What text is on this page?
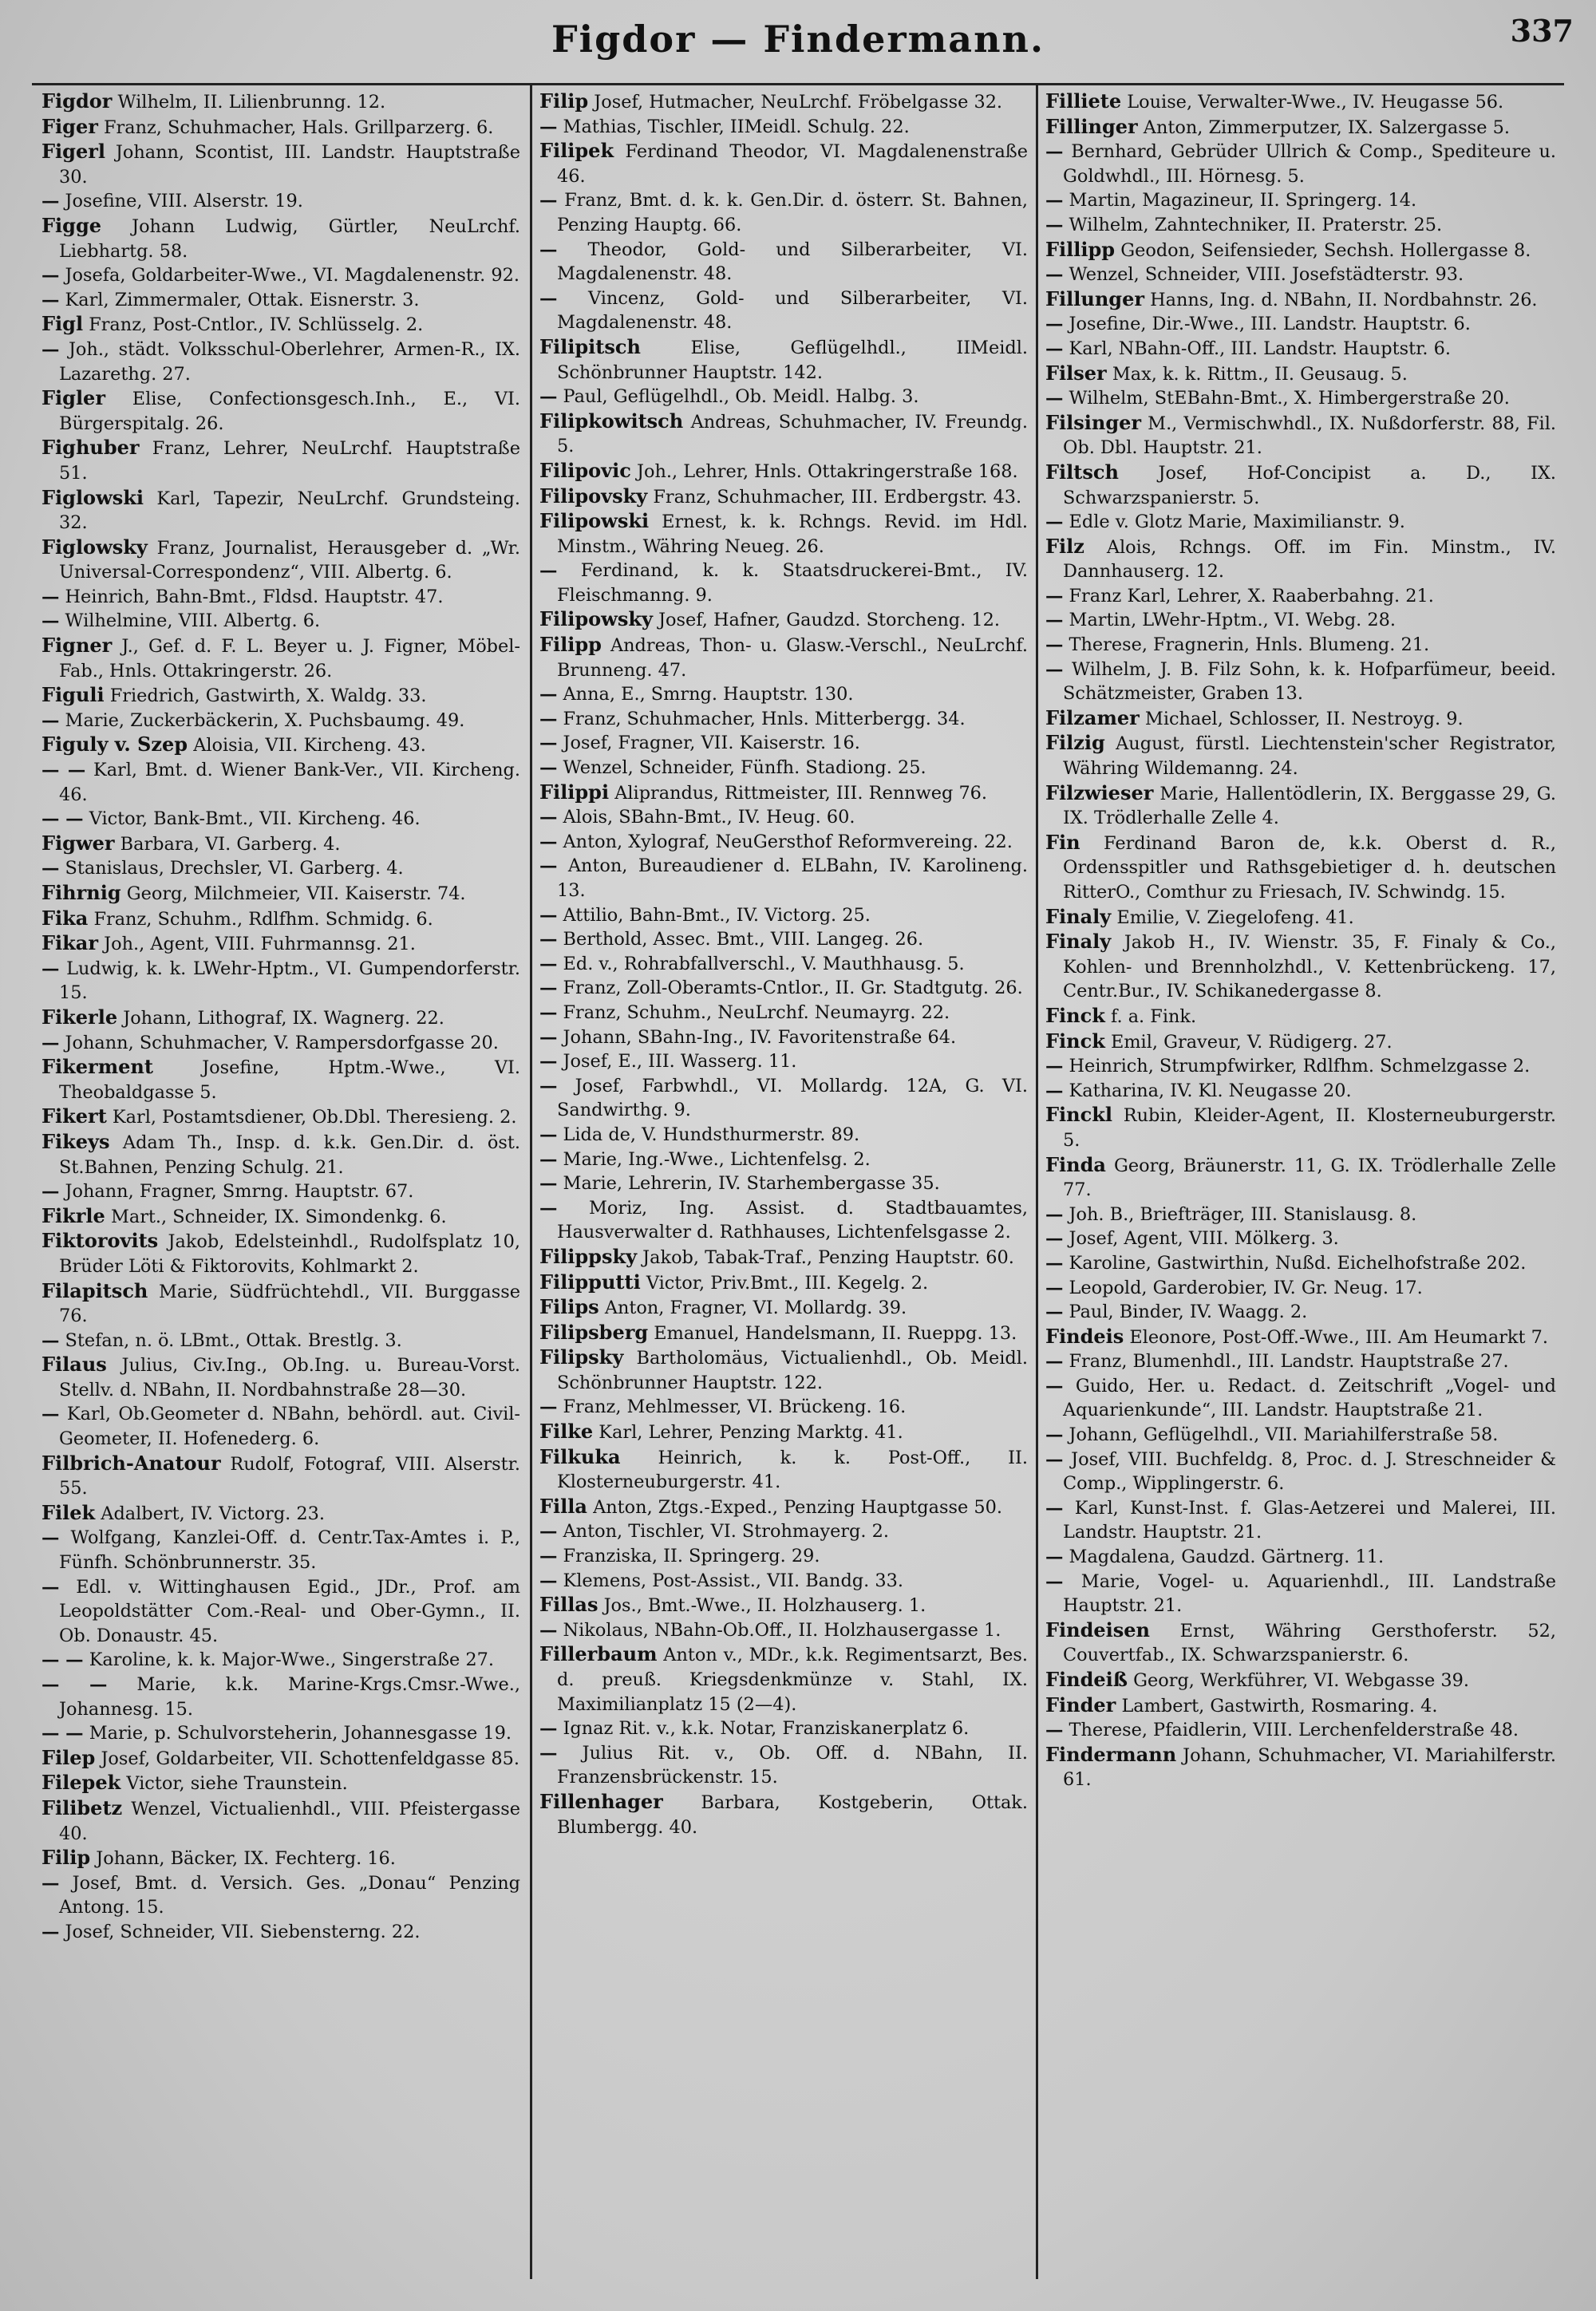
Figdor — Findermann.	337

Figdor Wilhelm, II. Lilienbrunng. 12.

Figer Franz, Schuhmacher, Hals. Grillparzerg. 6.

Figerl Johann, Scontist, III. Landstr. Hauptstraße 30.

— Josefine, VIII. Alserstr. 19.

Figge Johann Ludwig, Gürtler, NeuLrchf. Liebhartg. 58.

— Josefa, Goldarbeiter-Wwe., VI. Magdalenenstr. 92.

— Karl, Zimmermaler, Ottak. Eisnerstr. 3.

Figl Franz, Post-Cntlor., IV. Schlüsselg. 2.

— Joh., städt. Volksschul-Oberlehrer, Armen-R., IX. Lazarethg. 27.

Figler Elise, Confectionsgesch.Inh., E., VI. Bürgerspitalg. 26.

Fighuber Franz, Lehrer, NeuLrchf. Hauptstraße 51.

Figlowski Karl, Tapezir, NeuLrchf. Grundsteing. 32.

Figlowsky Franz, Journalist, Herausgeber d. „Wr. Universal-Correspondenz“, VIII. Albertg. 6.

— Heinrich, Bahn-Bmt., Fldsd. Hauptstr. 47.

— Wilhelmine, VIII. Albertg. 6.

Figner J., Gef. d. F. L. Beyer u. J. Figner, Möbel-Fab., Hnls. Ottakringerstr. 26.

Figuli Friedrich, Gastwirth, X. Waldg. 33.

— Marie, Zuckerbäckerin, X. Puchsbaumg. 49.

Figuly v. Szep Aloisia, VII. Kircheng. 43.

— — Karl, Bmt. d. Wiener Bank-Ver., VII. Kircheng. 46.

— — Victor, Bank-Bmt., VII. Kircheng. 46.

Figwer Barbara, VI. Garberg. 4.

— Stanislaus, Drechsler, VI. Garberg. 4.

Fihrnig Georg, Milchmeier, VII. Kaiserstr. 74.

Fika Franz, Schuhm., Rdlfhm. Schmidg. 6.

Fikar Joh., Agent, VIII. Fuhrmannsg. 21.

— Ludwig, k. k. LWehr-Hptm., VI. Gumpendorferstr. 15.

Fikerle Johann, Lithograf, IX. Wagnerg. 22.

— Johann, Schuhmacher, V. Rampersdorfgasse 20.

Fikerment	Josefine, Hptm.-Wwe., VI. Theobaldgasse 5.

Fikert Karl, Postamtsdiener, Ob.Dbl. Theresieng. 2.

Fikeys Adam Th., Insp. d. k.k. Gen.Dir. d. öst. St.Bahnen, Penzing Schulg. 21.

— Johann, Fragner, Smrng. Hauptstr. 67.

Fikrle Mart., Schneider, IX. Simondenkg. 6.

Fiktorovits Jakob, Edelsteinhdl., Rudolfsplatz 10, Brüder Löti & Fiktorovits, Kohlmarkt 2.

Filapitsch Marie, Südfrüchtehdl., VII. Burggasse 76.

— Stefan, n. ö. LBmt., Ottak. Brestlg. 3.

Filaus Julius, Civ.Ing., Ob.Ing. u. Bureau-Vorst. Stellv. d. NBahn, II. Nordbahnstraße 28—30.

— Karl, Ob.Geometer d. NBahn, behördl. aut. Civil-Geometer, II. Hofenederg. 6.

Filbrich-Anatour Rudolf, Fotograf, VIII. Alserstr. 55.

Filek Adalbert, IV. Victorg. 23.

— Wolfgang, Kanzlei-Off. d. Centr.Tax-Amtes i. P., Fünfh. Schönbrunnerstr. 35.

— Edl. v. Wittinghausen Egid., JDr., Prof. am Leopoldstätter Com.-Real- und Ober-Gymn., II. Ob. Donaustr. 45.

— — Karoline, k. k. Major-Wwe., Singerstraße 27.

— — Marie, k.k. Marine-Krgs.Cmsr.-Wwe., Johannesg. 15.

— — Marie, p. Schulvorsteherin, Johannesgasse 19.

Filep Josef, Goldarbeiter, VII. Schottenfeldgasse 85.

Filepek Victor, siehe Traunstein.

Filibetz Wenzel, Victualienhdl., VIII. Pfeistergasse 40.

Filip Johann, Bäcker, IX. Fechterg. 16.

— Josef, Bmt. d. Versich. Ges. „Donau“ Penzing Antong. 15.

— Josef, Schneider, VII. Siebensterng. 22.

Filip Josef, Hutmacher, NeuLrchf. Fröbelgasse 32.

— Mathias, Tischler, IIMeidl. Schulg. 22.

Filipek Ferdinand Theodor, VI. Magdalenenstraße 46.

— Franz, Bmt. d. k. k. Gen.Dir. d. österr. St. Bahnen, Penzing Hauptg. 66.

— Theodor, Gold- und Silberarbeiter, VI. Magdalenenstr. 48.

— Vincenz, Gold- und Silberarbeiter, VI. Magdalenenstr. 48.

Filipitsch	Elise, Geflügelhdl., IIMeidl. Schönbrunner Hauptstr. 142.

— Paul, Geflügelhdl., Ob. Meidl. Halbg. 3.

Filipkowitsch Andreas, Schuhmacher, IV. Freundg. 5.

Filipovic Joh., Lehrer, Hnls. Ottakringerstraße 168.

Filipovsky Franz, Schuhmacher, III. Erdbergstr. 43.

Filipowski Ernest, k. k. Rchngs. Revid. im Hdl. Minstm., Währing Neueg. 26.

— Ferdinand, k. k. Staatsdruckerei-Bmt., IV. Fleischmanng. 9.

Filipowsky Josef, Hafner, Gaudzd. Storcheng. 12.

Filipp Andreas, Thon- u. Glasw.-Verschl., NeuLrchf. Brunneng. 47.

— Anna, E., Smrng. Hauptstr. 130.

— Franz, Schuhmacher, Hnls. Mitterbergg. 34.

— Josef, Fragner, VII. Kaiserstr. 16.

— Wenzel, Schneider, Fünfh. Stadiong. 25.

Filippi Aliprandus, Rittmeister, III. Rennweg 76.

— Alois, SBahn-Bmt., IV. Heug. 60.

— Anton, Xylograf, NeuGersthof Reformvereing. 22.

— Anton, Bureaudiener d. ELBahn, IV. Karolineng. 13.

— Attilio, Bahn-Bmt., IV. Victorg. 25.

— Berthold, Assec. Bmt., VIII. Langeg. 26.

— Ed. v., Rohrabfallverschl., V. Mauthhausg. 5.

— Franz, Zoll-Oberamts-Cntlor., II. Gr. Stadtgutg. 26.

— Franz, Schuhm., NeuLrchf. Neumayrg. 22.

— Johann, SBahn-Ing., IV. Favoritenstraße 64.

— Josef, E., III. Wasserg. 11.

— Josef, Farbwhdl., VI. Mollardg. 12A, G. VI. Sandwirthg. 9.

— Lida de, V. Hundsthurmerstr. 89.

— Marie, Ing.-Wwe., Lichtenfelsg. 2.

— Marie, Lehrerin, IV. Starhembergasse 35.

— Moriz, Ing. Assist. d. Stadtbauamtes, Hausverwalter d. Rathhauses, Lichtenfelsgasse 2.

Filippsky Jakob, Tabak-Traf., Penzing Hauptstr. 60.

Filipputti Victor, Priv.Bmt., III. Kegelg. 2.

Filips Anton, Fragner, VI. Mollardg. 39.

Filipsberg Emanuel, Handelsmann, II. Rueppg. 13.

Filipsky Bartholomäus, Victualienhdl., Ob. Meidl. Schönbrunner Hauptstr. 122.

— Franz, Mehlmesser, VI. Brückeng. 16.

Filke Karl, Lehrer, Penzing Marktg. 41.

Filkuka Heinrich, k. k. Post-Off., II. Klosterneuburgerstr. 41.

Filla Anton, Ztgs.-Exped., Penzing Hauptgasse 50.

— Anton, Tischler, VI. Strohmayerg. 2.

— Franziska, II. Springerg. 29.

— Klemens, Post-Assist., VII. Bandg. 33.

Fillas Jos., Bmt.-Wwe., II. Holzhauserg. 1.

— Nikolaus, NBahn-Ob.Off., II. Holzhausergasse 1.

Fillerbaum Anton v., MDr., k.k. Regimentsarzt, Bes. d. preuß. Kriegsdenkmünze v. Stahl, IX. Maximilianplatz 15 (2—4).

— Ignaz Rit. v., k.k. Notar, Franziskanerplatz 6.

— Julius Rit. v., Ob. Off. d. NBahn, II. Franzensbrückenstr. 15.

Fillenhager Barbara, Kostgeberin, Ottak. Blumbergg. 40.

Filliete Louise, Verwalter-Wwe., IV. Heugasse 56.

Fillinger Anton, Zimmerputzer, IX. Salzergasse 5.

— Bernhard, Gebrüder Ullrich & Comp., Spediteure u. Goldwhdl., III. Hörnesg. 5.

— Martin, Magazineur, II. Springerg. 14.

— Wilhelm, Zahntechniker, II. Praterstr. 25.

Fillipp Geodon, Seifensieder, Sechsh. Hollergasse 8.

— Wenzel, Schneider, VIII. Josefstädterstr. 93.

Fillunger Hanns, Ing. d. NBahn, II. Nordbahnstr. 26.

— Josefine, Dir.-Wwe., III. Landstr. Hauptstr. 6.

— Karl, NBahn-Off., III. Landstr. Hauptstr. 6.

Filser Max, k. k. Rittm., II. Geusaug. 5.

— Wilhelm, StEBahn-Bmt., X. Himbergerstraße 20.

Filsinger M., Vermischwhdl., IX. Nußdorferstr. 88, Fil. Ob. Dbl. Hauptstr. 21.

Filtsch Josef, Hof-Concipist a. D., IX. Schwarzspanierstr. 5.

— Edle v. Glotz Marie, Maximilianstr. 9.

Filz Alois, Rchngs. Off. im Fin. Minstm., IV. Dannhauserg. 12.

— Franz Karl, Lehrer, X. Raaberbahng. 21.

— Martin, LWehr-Hptm., VI. Webg. 28.

— Therese, Fragnerin, Hnls. Blumeng. 21.

— Wilhelm, J. B. Filz Sohn, k. k. Hofparfümeur, beeid. Schätzmeister, Graben 13.

Filzamer Michael, Schlosser, II. Nestroyg. 9.

Filzig August, fürstl. Liechtenstein'scher Registrator, Währing Wildemanng. 24.

Filzwieser Marie, Hallentödlerin, IX. Berggasse 29, G. IX. Trödlerhalle Zelle 4.

Fin Ferdinand Baron de, k.k. Oberst d. R., Ordensspitler und Rathsgebietiger d. h. deutschen RitterO., Comthur zu Friesach, IV. Schwindg. 15.

Finaly Emilie, V. Ziegelofeng. 41.

Finaly Jakob H., IV. Wienstr. 35, F. Finaly & Co., Kohlen- und Brennholzhdl., V. Kettenbrückeng. 17, Centr.Bur., IV. Schikanedergasse 8.

Finck f. a. Fink.

Finck Emil, Graveur, V. Rüdigerg. 27.

— Heinrich, Strumpfwirker, Rdlfhm. Schmelzgasse 2.

— Katharina, IV. Kl. Neugasse 20.

Finckl Rubin, Kleider-Agent, II. Klosterneuburgerstr. 5.

Finda Georg, Bräunerstr. 11, G. IX. Trödlerhalle Zelle 77.

— Joh. B., Briefträger, III. Stanislausg. 8.

— Josef, Agent, VIII. Mölkerg. 3.

— Karoline, Gastwirthin, Nußd. Eichelhofstraße 202.

— Leopold, Garderobier, IV. Gr. Neug. 17.

— Paul, Binder, IV. Waagg. 2.

Findeis Eleonore, Post-Off.-Wwe., III. Am Heumarkt 7.

— Franz, Blumenhdl., III. Landstr. Hauptstraße 27.

— Guido, Her. u. Redact. d. Zeitschrift „Vogel- und Aquarienkunde“, III. Landstr. Hauptstraße 21.

— Johann, Geflügelhdl., VII. Mariahilferstraße 58.

— Josef, VIII. Buchfeldg. 8, Proc. d. J. Streschneider & Comp., Wipplingerstr. 6.

— Karl, Kunst-Inst. f. Glas-Aetzerei und Malerei, III. Landstr. Hauptstr. 21.

— Magdalena, Gaudzd. Gärtnerg. 11.

— Marie, Vogel- u. Aquarienhdl., III. Landstraße Hauptstr. 21.

Findeisen Ernst, Währing Gersthoferstr. 52, Couvertfab., IX. Schwarzspanierstr. 6.

Findeiß Georg, Werkführer, VI. Webgasse 39.

Finder Lambert, Gastwirth, Rosmaring. 4.

— Therese, Pfaidlerin, VIII. Lerchenfelderstraße 48.

Findermann Johann, Schuhmacher, VI. Mariahilferstr. 61.
